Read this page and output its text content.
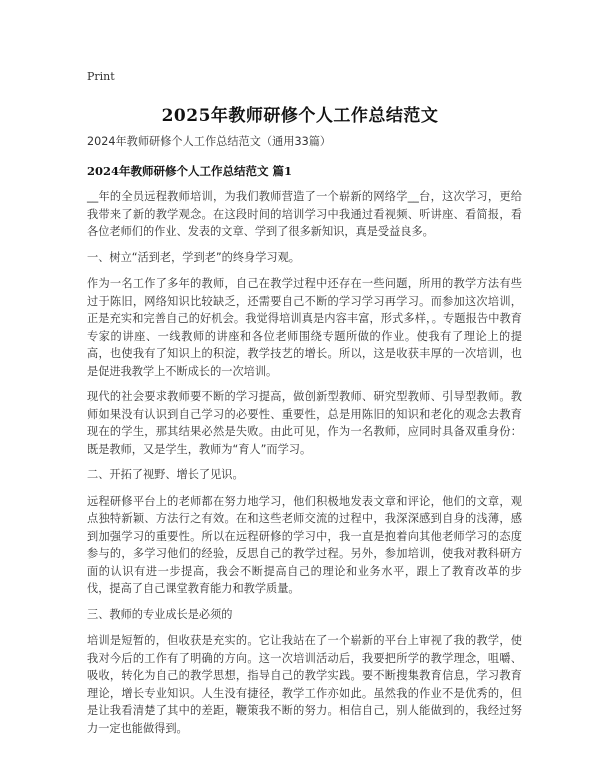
Print
2025年教师研修个人工作总结范文
2024年教师研修个人工作总结范文（通用33篇）
2024年教师研修个人工作总结范文 篇1

__年的全员远程教师培训，为我们教师营造了一个崭新的网络学__台，这次学习，更给我带来了新的教学观念。在这段时间的培训学习中我通过看视频、听讲座、看简报，看各位老师们的作业、发表的文章、学到了很多新知识，真是受益良多。

一、树立“活到老，学到老”的终身学习观。

作为一名工作了多年的教师，自己在教学过程中还存在一些问题，所用的教学方法有些过于陈旧，网络知识比较缺乏，还需要自己不断的学习学习再学习。而参加这次培训，正是充实和完善自己的好机会。我觉得培训真是内容丰富，形式多样，。专题报告中教育专家的讲座、一线教师的讲座和各位老师围绕专题所做的作业。使我有了理论上的提高，也使我有了知识上的积淀，教学技艺的增长。所以，这是收获丰厚的一次培训，也是促进我教学上不断成长的一次培训。

现代的社会要求教师要不断的学习提高，做创新型教师、研究型教师、引导型教师。教师如果没有认识到自己学习的必要性、重要性，总是用陈旧的知识和老化的观念去教育现在的学生，那其结果必然是失败。由此可见，作为一名教师，应同时具备双重身份：既是教师，又是学生，教师为“育人”而学习。

二、开拓了视野、增长了见识。

远程研修平台上的老师都在努力地学习，他们积极地发表文章和评论，他们的文章，观点独特新颖、方法行之有效。在和这些老师交流的过程中，我深深感到自身的浅薄，感到加强学习的重要性。所以在远程研修的学习中，我一直是抱着向其他老师学习的态度参与的，多学习他们的经验，反思自己的教学过程。另外，参加培训，使我对教科研方面的认识有进一步提高，我会不断提高自己的理论和业务水平，跟上了教育改革的步伐，提高了自己课堂教育能力和教学质量。

三、教师的专业成长是必须的

培训是短暂的，但收获是充实的。它让我站在了一个崭新的平台上审视了我的教学，使我对今后的工作有了明确的方向。这一次培训活动后，我要把所学的教学理念，咀嚼、吸收，转化为自己的教学思想，指导自己的教学实践。要不断搜集教育信息，学习教育理论，增长专业知识。人生没有捷径，教学工作亦如此。虽然我的作业不是优秀的，但是让我看清楚了其中的差距，鞭策我不断的努力。相信自己，别人能做到的，我经过努力一定也能做得到。
